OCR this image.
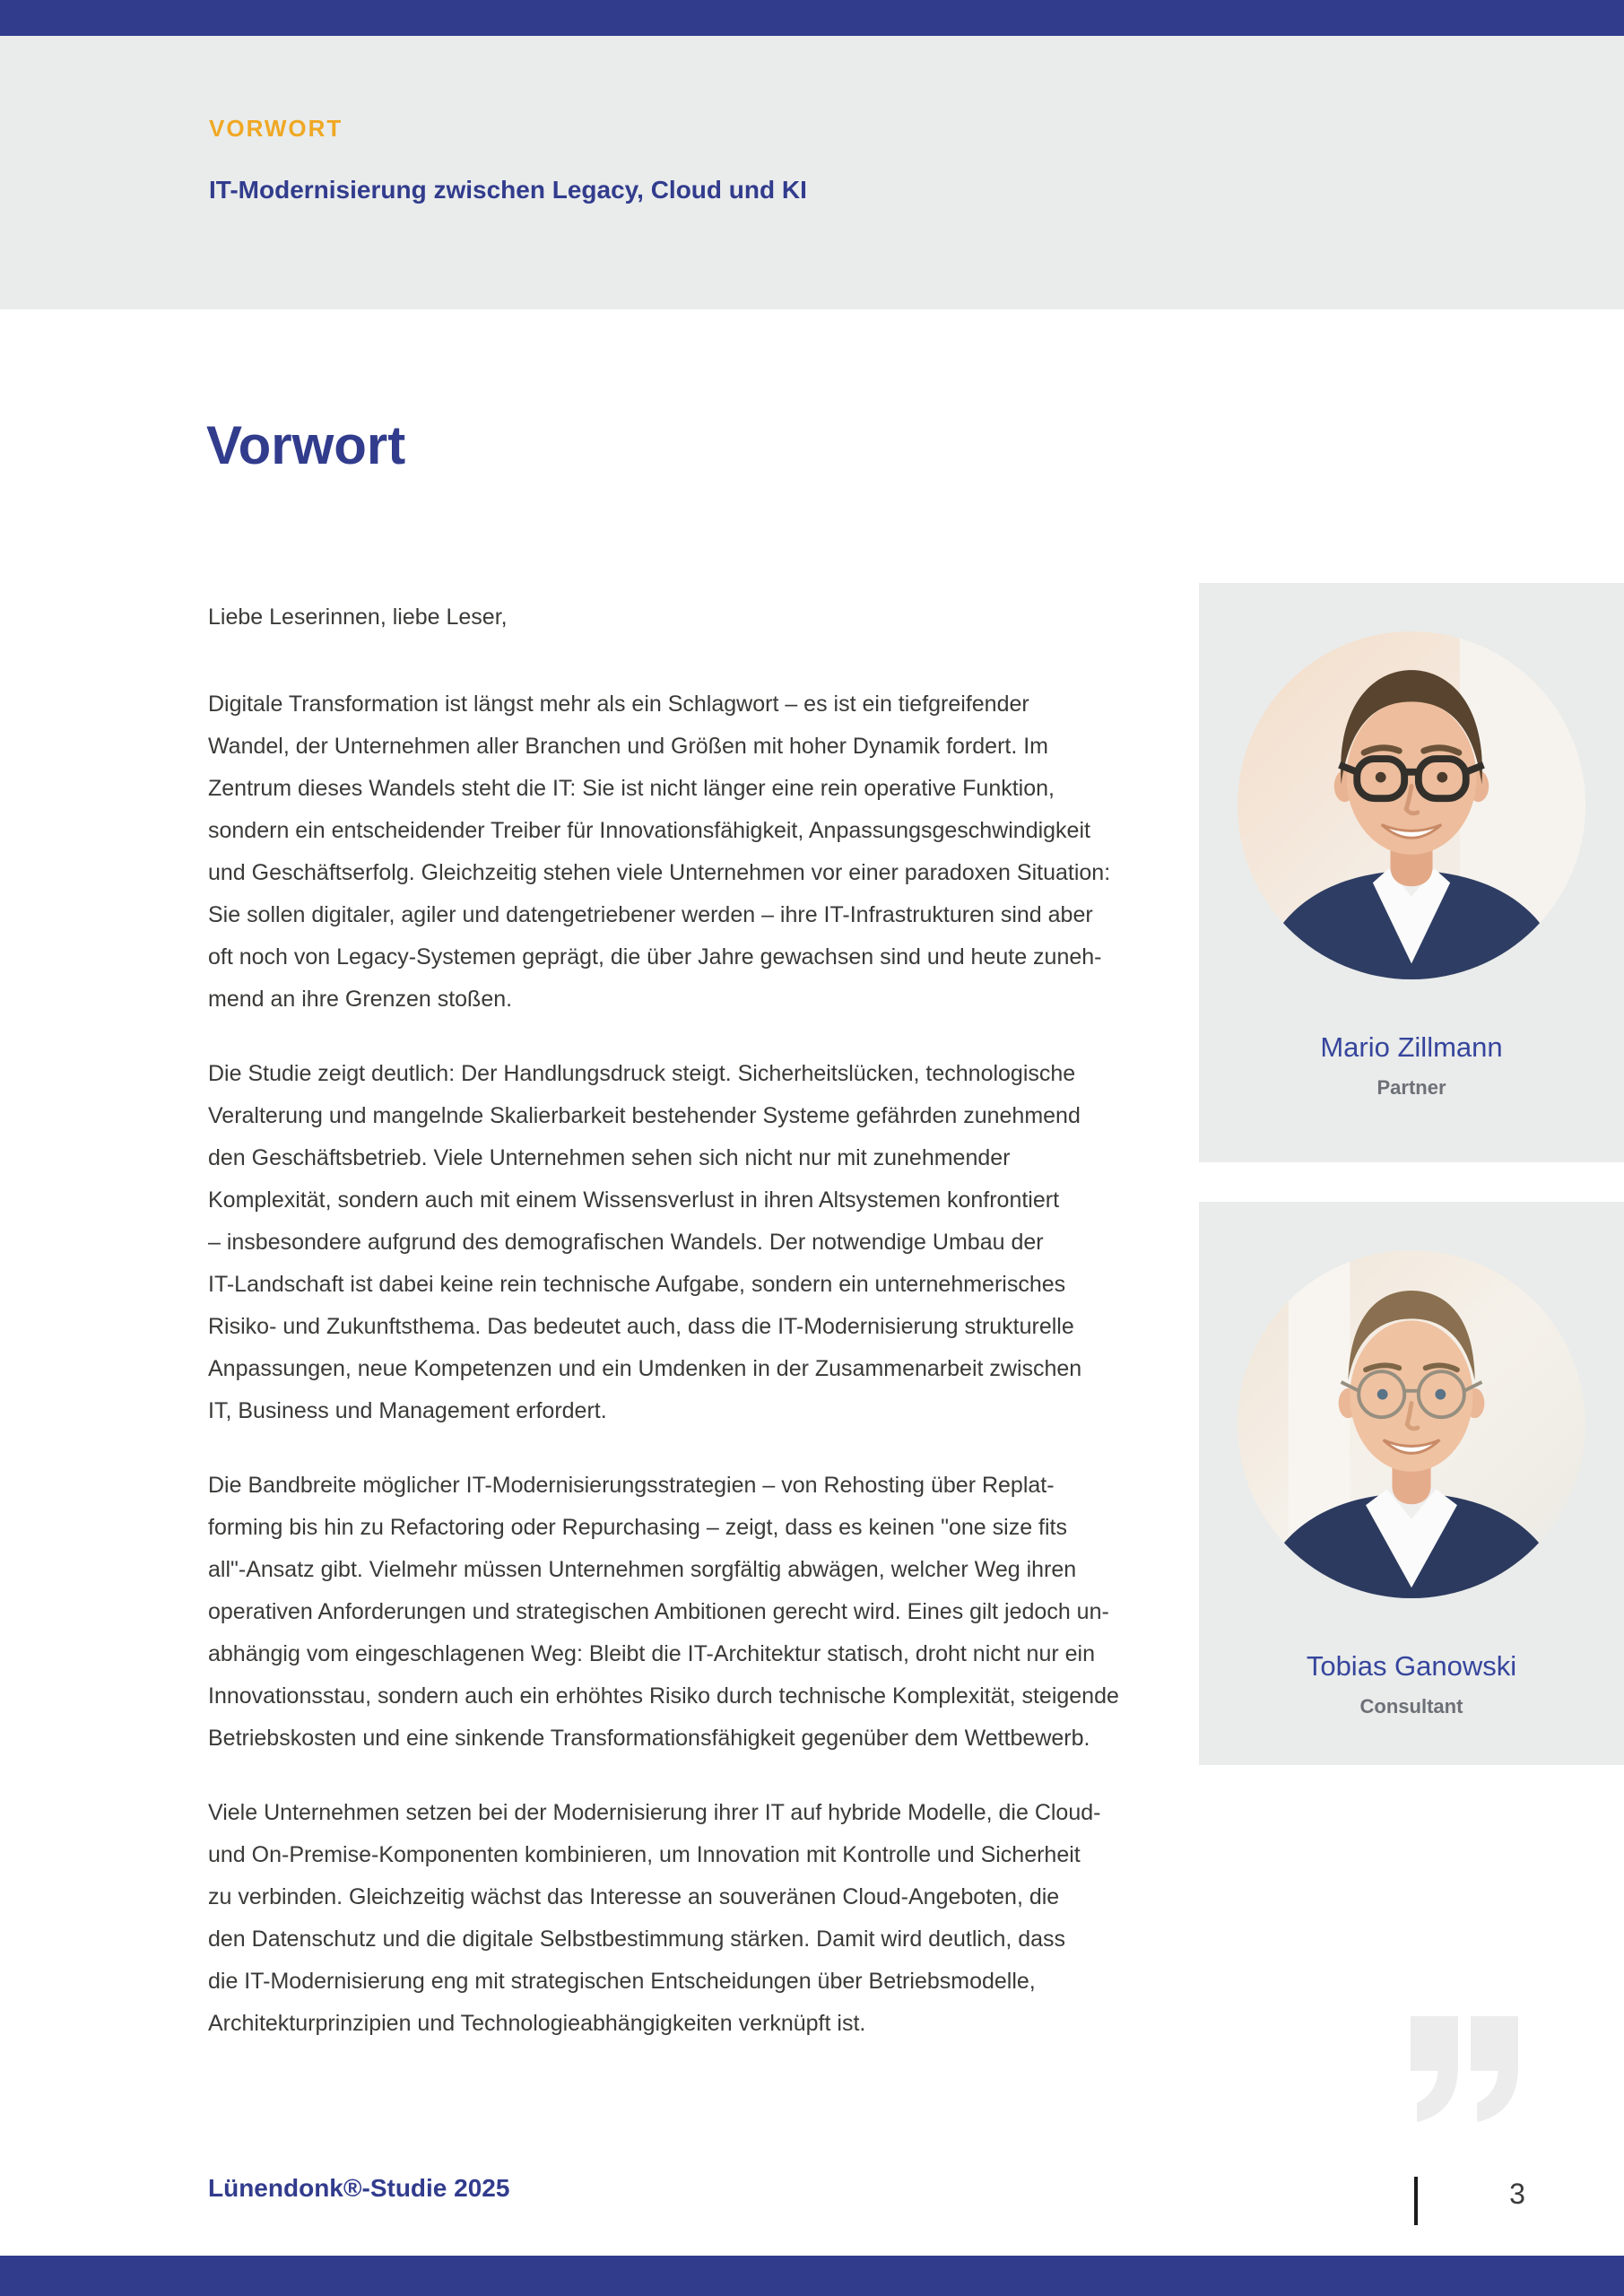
VORWORT
IT-Modernisierung zwischen Legacy, Cloud und KI
Vorwort
Liebe Leserinnen, liebe Leser,
Digitale Transformation ist längst mehr als ein Schlagwort – es ist ein tiefgreifender
Wandel, der Unternehmen aller Branchen und Größen mit hoher Dynamik fordert. Im
Zentrum dieses Wandels steht die IT: Sie ist nicht länger eine rein operative Funktion,
sondern ein entscheidender Treiber für Innovationsfähigkeit, Anpassungsgeschwindigkeit
und Geschäftserfolg. Gleichzeitig stehen viele Unternehmen vor einer paradoxen Situation:
Sie sollen digitaler, agiler und datengetriebener werden – ihre IT-Infrastrukturen sind aber
oft noch von Legacy-Systemen geprägt, die über Jahre gewachsen sind und heute zuneh-
mend an ihre Grenzen stoßen.
Die Studie zeigt deutlich: Der Handlungsdruck steigt. Sicherheitslücken, technologische
Veralterung und mangelnde Skalierbarkeit bestehender Systeme gefährden zunehmend
den Geschäftsbetrieb. Viele Unternehmen sehen sich nicht nur mit zunehmender
Komplexität, sondern auch mit einem Wissensverlust in ihren Altsystemen konfrontiert
– insbesondere aufgrund des demografischen Wandels. Der notwendige Umbau der
IT-Landschaft ist dabei keine rein technische Aufgabe, sondern ein unternehmerisches
Risiko- und Zukunftsthema. Das bedeutet auch, dass die IT-Modernisierung strukturelle
Anpassungen, neue Kompetenzen und ein Umdenken in der Zusammenarbeit zwischen
IT, Business und Management erfordert.
Die Bandbreite möglicher IT-Modernisierungsstrategien – von Rehosting über Replat-
forming bis hin zu Refactoring oder Repurchasing – zeigt, dass es keinen "one size fits
all"-Ansatz gibt. Vielmehr müssen Unternehmen sorgfältig abwägen, welcher Weg ihren
operativen Anforderungen und strategischen Ambitionen gerecht wird. Eines gilt jedoch un-
abhängig vom eingeschlagenen Weg: Bleibt die IT-Architektur statisch, droht nicht nur ein
Innovationsstau, sondern auch ein erhöhtes Risiko durch technische Komplexität, steigende
Betriebskosten und eine sinkende Transformationsfähigkeit gegenüber dem Wettbewerb.
Viele Unternehmen setzen bei der Modernisierung ihrer IT auf hybride Modelle, die Cloud-
und On-Premise-Komponenten kombinieren, um Innovation mit Kontrolle und Sicherheit
zu verbinden. Gleichzeitig wächst das Interesse an souveränen Cloud-Angeboten, die
den Datenschutz und die digitale Selbstbestimmung stärken. Damit wird deutlich, dass
die IT-Modernisierung eng mit strategischen Entscheidungen über Betriebsmodelle,
Architekturprinzipien und Technologieabhängigkeiten verknüpft ist.
Mario Zillmann
Partner
Tobias Ganowski
Consultant
Lünendonk®-Studie 2025	3
